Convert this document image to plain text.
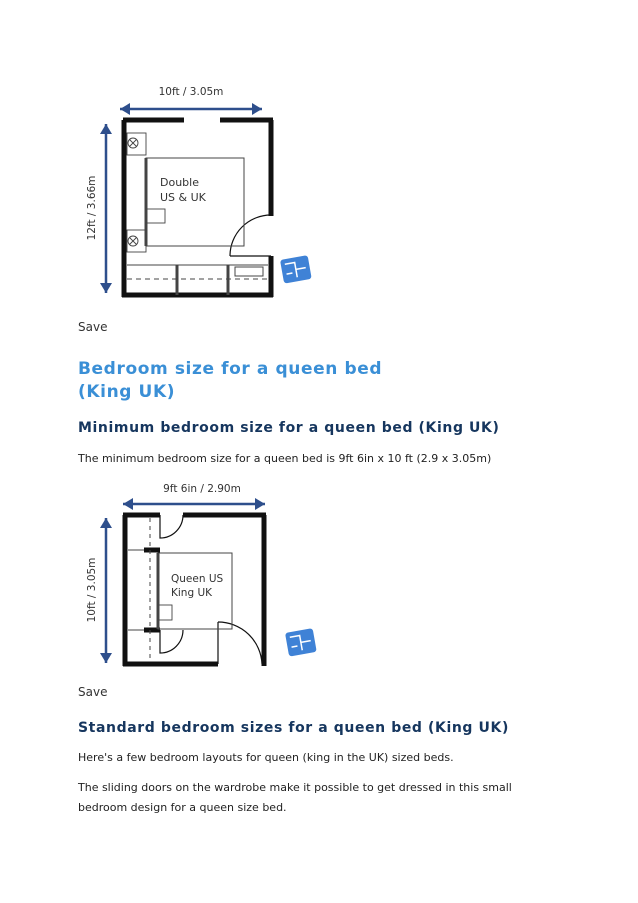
10ft / 3.05m
12ft / 3.66m	Double
US & UK
Save
Bedroom size for a queen bed
(King UK)
Minimum bedroom size for a queen bed (King UK)
The minimum bedroom size for a queen bed is 9ft 6in x 10 ft (2.9 x 3.05m)
9ft 6in / 2.90m
10ft / 3.05m	Queen US
King UK
Save
Standard bedroom sizes for a queen bed (King UK)
Here's a few bedroom layouts for queen (king in the UK) sized beds.
The sliding doors on the wardrobe make it possible to get dressed in this small bedroom design for a queen size bed.
